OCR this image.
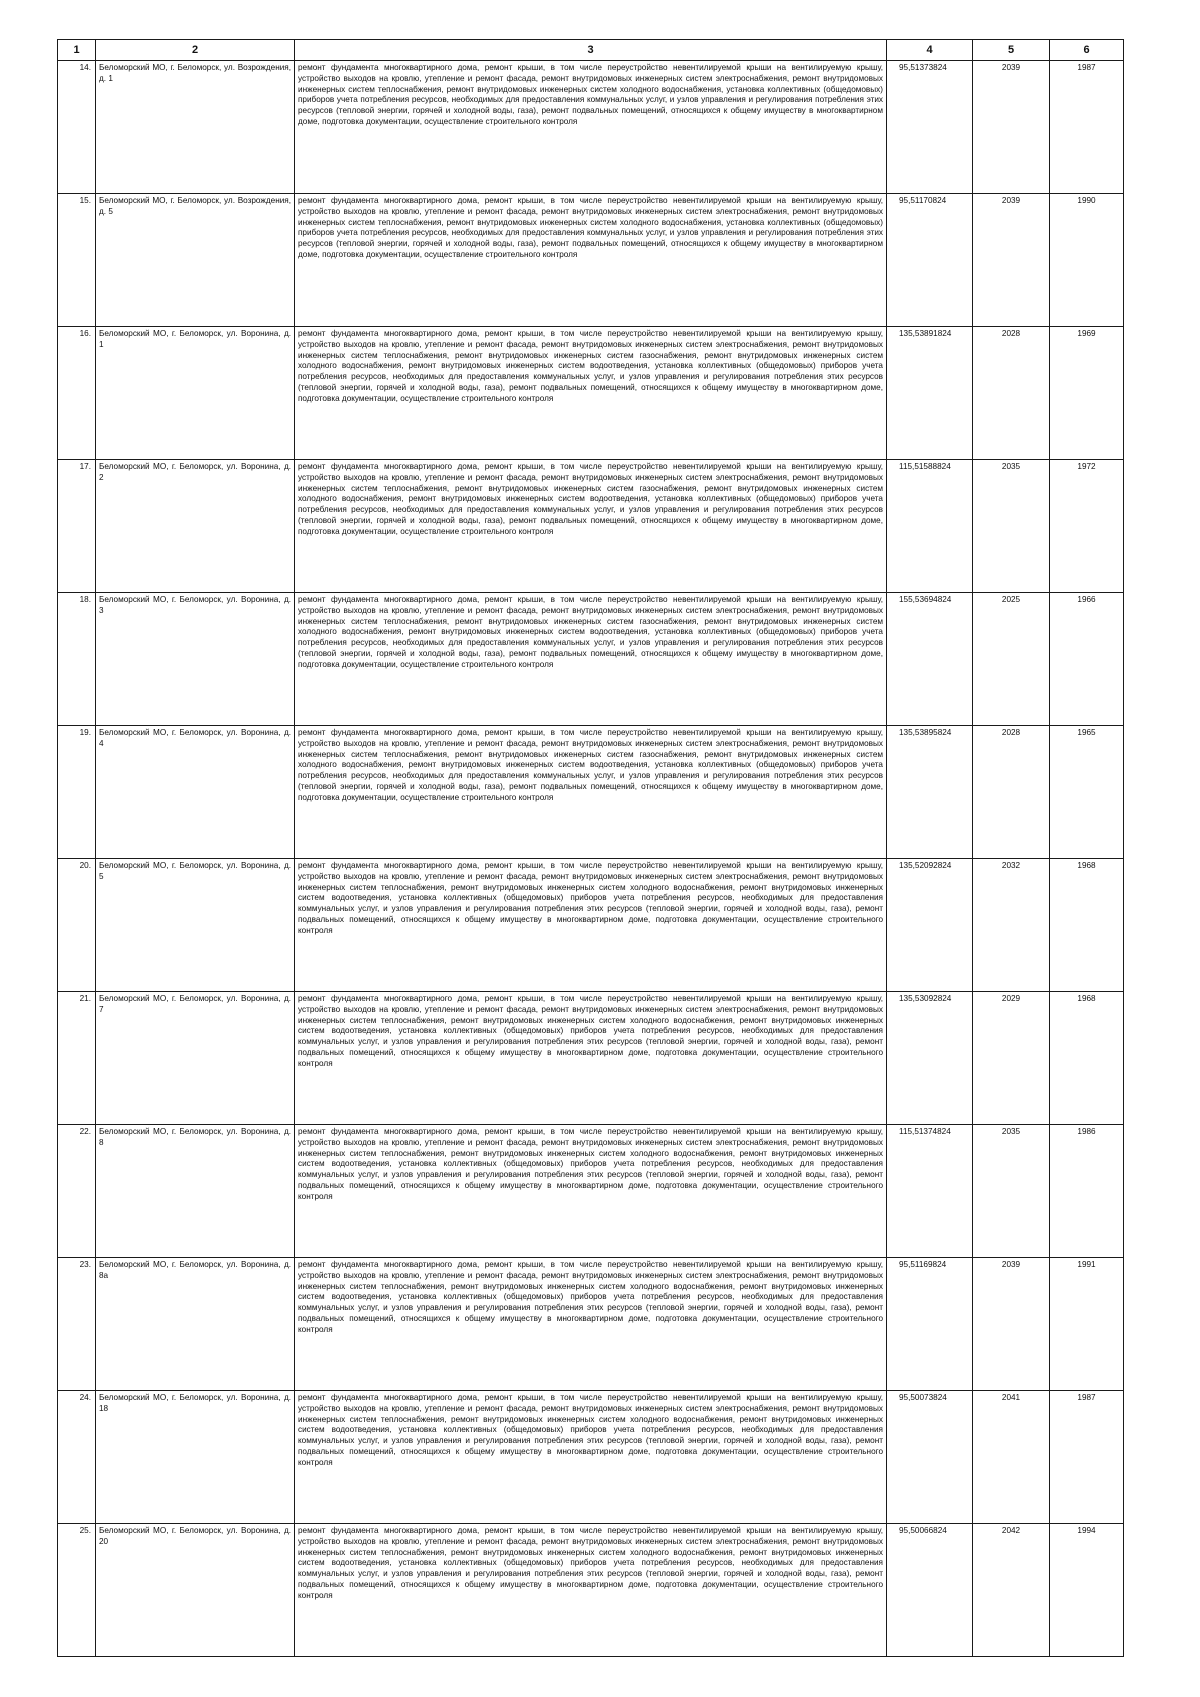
1	2	3	4	5	6
14.	Беломорский МО, г. Беломорск, ул. Возрождения, д. 1	ремонт фундамента многоквартирного дома, ремонт крыши, в том числе переустройство невентилируемой крыши на вентилируемую крышу, устройство выходов на кровлю, утепление и ремонт фасада, ремонт внутридомовых инженерных систем электроснабжения, ремонт внутридомовых инженерных систем теплоснабжения, ремонт внутридомовых инженерных систем холодного водоснабжения, установка коллективных (общедомовых) приборов учета потребления ресурсов, необходимых для предоставления коммунальных услуг, и узлов управления и регулирования потребления этих ресурсов (тепловой энергии, горячей и холодной воды, газа), ремонт подвальных помещений, относящихся к общему имуществу в многоквартирном доме, подготовка документации, осуществление строительного контроля	95,51373824	2039	1987
15.	Беломорский МО, г. Беломорск, ул. Возрождения, д. 5	ремонт фундамента многоквартирного дома, ремонт крыши, в том числе переустройство невентилируемой крыши на вентилируемую крышу, устройство выходов на кровлю, утепление и ремонт фасада, ремонт внутридомовых инженерных систем электроснабжения, ремонт внутридомовых инженерных систем теплоснабжения, ремонт внутридомовых инженерных систем холодного водоснабжения, установка коллективных (общедомовых) приборов учета потребления ресурсов, необходимых для предоставления коммунальных услуг, и узлов управления и регулирования потребления этих ресурсов (тепловой энергии, горячей и холодной воды, газа), ремонт подвальных помещений, относящихся к общему имуществу в многоквартирном доме, подготовка документации, осуществление строительного контроля	95,51170824	2039	1990
16.	Беломорский МО, г. Беломорск, ул. Воронина, д. 1	ремонт фундамента многоквартирного дома, ремонт крыши, в том числе переустройство невентилируемой крыши на вентилируемую крышу, устройство выходов на кровлю, утепление и ремонт фасада, ремонт внутридомовых инженерных систем электроснабжения, ремонт внутридомовых инженерных систем теплоснабжения, ремонт внутридомовых инженерных систем газоснабжения, ремонт внутридомовых инженерных систем холодного водоснабжения, ремонт внутридомовых инженерных систем водоотведения, установка коллективных (общедомовых) приборов учета потребления ресурсов, необходимых для предоставления коммунальных услуг, и узлов управления и регулирования потребления этих ресурсов (тепловой энергии, горячей и холодной воды, газа), ремонт подвальных помещений, относящихся к общему имуществу в многоквартирном доме, подготовка документации, осуществление строительного контроля	135,53891824	2028	1969
17.	Беломорский МО, г. Беломорск, ул. Воронина, д. 2	ремонт фундамента многоквартирного дома, ремонт крыши, в том числе переустройство невентилируемой крыши на вентилируемую крышу, устройство выходов на кровлю, утепление и ремонт фасада, ремонт внутридомовых инженерных систем электроснабжения, ремонт внутридомовых инженерных систем теплоснабжения, ремонт внутридомовых инженерных систем газоснабжения, ремонт внутридомовых инженерных систем холодного водоснабжения, ремонт внутридомовых инженерных систем водоотведения, установка коллективных (общедомовых) приборов учета потребления ресурсов, необходимых для предоставления коммунальных услуг, и узлов управления и регулирования потребления этих ресурсов (тепловой энергии, горячей и холодной воды, газа), ремонт подвальных помещений, относящихся к общему имуществу в многоквартирном доме, подготовка документации, осуществление строительного контроля	115,51588824	2035	1972
18.	Беломорский МО, г. Беломорск, ул. Воронина, д. 3	ремонт фундамента многоквартирного дома, ремонт крыши, в том числе переустройство невентилируемой крыши на вентилируемую крышу, устройство выходов на кровлю, утепление и ремонт фасада, ремонт внутридомовых инженерных систем электроснабжения, ремонт внутридомовых инженерных систем теплоснабжения, ремонт внутридомовых инженерных систем газоснабжения, ремонт внутридомовых инженерных систем холодного водоснабжения, ремонт внутридомовых инженерных систем водоотведения, установка коллективных (общедомовых) приборов учета потребления ресурсов, необходимых для предоставления коммунальных услуг, и узлов управления и регулирования потребления этих ресурсов (тепловой энергии, горячей и холодной воды, газа), ремонт подвальных помещений, относящихся к общему имуществу в многоквартирном доме, подготовка документации, осуществление строительного контроля	155,53694824	2025	1966
19.	Беломорский МО, г. Беломорск, ул. Воронина, д. 4	ремонт фундамента многоквартирного дома, ремонт крыши, в том числе переустройство невентилируемой крыши на вентилируемую крышу, устройство выходов на кровлю, утепление и ремонт фасада, ремонт внутридомовых инженерных систем электроснабжения, ремонт внутридомовых инженерных систем теплоснабжения, ремонт внутридомовых инженерных систем газоснабжения, ремонт внутридомовых инженерных систем холодного водоснабжения, ремонт внутридомовых инженерных систем водоотведения, установка коллективных (общедомовых) приборов учета потребления ресурсов, необходимых для предоставления коммунальных услуг, и узлов управления и регулирования потребления этих ресурсов (тепловой энергии, горячей и холодной воды, газа), ремонт подвальных помещений, относящихся к общему имуществу в многоквартирном доме, подготовка документации, осуществление строительного контроля	135,53895824	2028	1965
20.	Беломорский МО, г. Беломорск, ул. Воронина, д. 5	ремонт фундамента многоквартирного дома, ремонт крыши, в том числе переустройство невентилируемой крыши на вентилируемую крышу, устройство выходов на кровлю, утепление и ремонт фасада, ремонт внутридомовых инженерных систем электроснабжения, ремонт внутридомовых инженерных систем теплоснабжения, ремонт внутридомовых инженерных систем холодного водоснабжения, ремонт внутридомовых инженерных систем водоотведения, установка коллективных (общедомовых) приборов учета потребления ресурсов, необходимых для предоставления коммунальных услуг, и узлов управления и регулирования потребления этих ресурсов (тепловой энергии, горячей и холодной воды, газа), ремонт подвальных помещений, относящихся к общему имуществу в многоквартирном доме, подготовка документации, осуществление строительного контроля	135,52092824	2032	1968
21.	Беломорский МО, г. Беломорск, ул. Воронина, д. 7	ремонт фундамента многоквартирного дома, ремонт крыши, в том числе переустройство невентилируемой крыши на вентилируемую крышу, устройство выходов на кровлю, утепление и ремонт фасада, ремонт внутридомовых инженерных систем электроснабжения, ремонт внутридомовых инженерных систем теплоснабжения, ремонт внутридомовых инженерных систем холодного водоснабжения, ремонт внутридомовых инженерных систем водоотведения, установка коллективных (общедомовых) приборов учета потребления ресурсов, необходимых для предоставления коммунальных услуг, и узлов управления и регулирования потребления этих ресурсов (тепловой энергии, горячей и холодной воды, газа), ремонт подвальных помещений, относящихся к общему имуществу в многоквартирном доме, подготовка документации, осуществление строительного контроля	135,53092824	2029	1968
22.	Беломорский МО, г. Беломорск, ул. Воронина, д. 8	ремонт фундамента многоквартирного дома, ремонт крыши, в том числе переустройство невентилируемой крыши на вентилируемую крышу, устройство выходов на кровлю, утепление и ремонт фасада, ремонт внутридомовых инженерных систем электроснабжения, ремонт внутридомовых инженерных систем теплоснабжения, ремонт внутридомовых инженерных систем холодного водоснабжения, ремонт внутридомовых инженерных систем водоотведения, установка коллективных (общедомовых) приборов учета потребления ресурсов, необходимых для предоставления коммунальных услуг, и узлов управления и регулирования потребления этих ресурсов (тепловой энергии, горячей и холодной воды, газа), ремонт подвальных помещений, относящихся к общему имуществу в многоквартирном доме, подготовка документации, осуществление строительного контроля	115,51374824	2035	1986
23.	Беломорский МО, г. Беломорск, ул. Воронина, д. 8а	ремонт фундамента многоквартирного дома, ремонт крыши, в том числе переустройство невентилируемой крыши на вентилируемую крышу, устройство выходов на кровлю, утепление и ремонт фасада, ремонт внутридомовых инженерных систем электроснабжения, ремонт внутридомовых инженерных систем теплоснабжения, ремонт внутридомовых инженерных систем холодного водоснабжения, ремонт внутридомовых инженерных систем водоотведения, установка коллективных (общедомовых) приборов учета потребления ресурсов, необходимых для предоставления коммунальных услуг, и узлов управления и регулирования потребления этих ресурсов (тепловой энергии, горячей и холодной воды, газа), ремонт подвальных помещений, относящихся к общему имуществу в многоквартирном доме, подготовка документации, осуществление строительного контроля	95,51169824	2039	1991
24.	Беломорский МО, г. Беломорск, ул. Воронина, д. 18	ремонт фундамента многоквартирного дома, ремонт крыши, в том числе переустройство невентилируемой крыши на вентилируемую крышу, устройство выходов на кровлю, утепление и ремонт фасада, ремонт внутридомовых инженерных систем электроснабжения, ремонт внутридомовых инженерных систем теплоснабжения, ремонт внутридомовых инженерных систем холодного водоснабжения, ремонт внутридомовых инженерных систем водоотведения, установка коллективных (общедомовых) приборов учета потребления ресурсов, необходимых для предоставления коммунальных услуг, и узлов управления и регулирования потребления этих ресурсов (тепловой энергии, горячей и холодной воды, газа), ремонт подвальных помещений, относящихся к общему имуществу в многоквартирном доме, подготовка документации, осуществление строительного контроля	95,50073824	2041	1987
25.	Беломорский МО, г. Беломорск, ул. Воронина, д. 20	ремонт фундамента многоквартирного дома, ремонт крыши, в том числе переустройство невентилируемой крыши на вентилируемую крышу, устройство выходов на кровлю, утепление и ремонт фасада, ремонт внутридомовых инженерных систем электроснабжения, ремонт внутридомовых инженерных систем теплоснабжения, ремонт внутридомовых инженерных систем холодного водоснабжения, ремонт внутридомовых инженерных систем водоотведения, установка коллективных (общедомовых) приборов учета потребления ресурсов, необходимых для предоставления коммунальных услуг, и узлов управления и регулирования потребления этих ресурсов (тепловой энергии, горячей и холодной воды, газа), ремонт подвальных помещений, относящихся к общему имуществу в многоквартирном доме, подготовка документации, осуществление строительного контроля	95,50066824	2042	1994
